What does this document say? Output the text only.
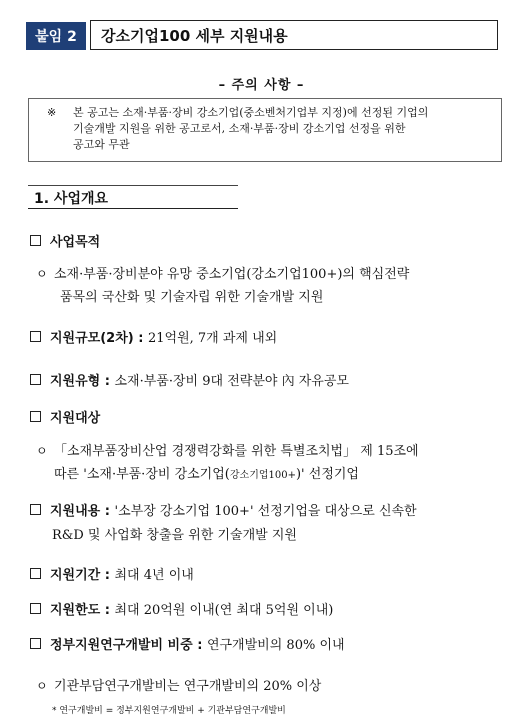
붙임 2	강소기업100 세부 지원내용
– 주의 사항 –
※ 본 공고는 소재·부품·장비 강소기업(중소벤처기업부 지정)에 선정된 기업의
기술개발 지원을 위한 공고로서, 소재·부품·장비 강소기업 선정을 위한
공고와 무관
1. 사업개요
사업목적
ㅇ 소재·부품·장비분야 유망 중소기업(강소기업100+)의 핵심전략
품목의 국산화 및 기술자립 위한 기술개발 지원
지원규모(2차) : 21억원, 7개 과제 내외
지원유형 : 소재·부품·장비 9대 전략분야 內 자유공모
지원대상
ㅇ 「소재부품장비산업 경쟁력강화를 위한 특별조치법」 제 15조에
따른 '소재·부품·장비 강소기업(강소기업100+)' 선정기업
지원내용 : '소부장 강소기업 100+' 선정기업을 대상으로 신속한
R&D 및 사업화 창출을 위한 기술개발 지원
지원기간 : 최대 4년 이내
지원한도 : 최대 20억원 이내(연 최대 5억원 이내)
정부지원연구개발비 비중 : 연구개발비의 80% 이내
ㅇ 기관부담연구개발비는 연구개발비의 20% 이상
* 연구개발비 = 정부지원연구개발비 + 기관부담연구개발비
